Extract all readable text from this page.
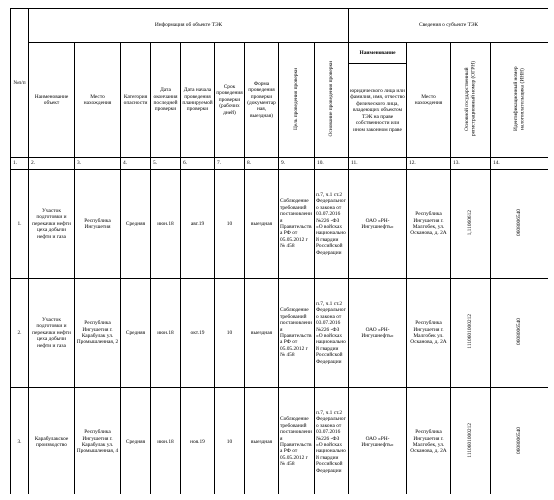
№п/п	Информация об объекте ТЭК									Сведения о субъекте ТЭК			
	Наименование объект	Место нахождения	Категория опасности	Дата окончания последней проверки	Дата начала проведения планируемой проверки	Срок проведения проверки (рабочих дней)	Форма проведения проверки (документарная, выездная)	Цель проведения проверки	Основание проведения проверки	Наименование	Место нахождения	Основной государственный регистрационный номер (ОГРН)	Идентификационный номер налогоплательщика (ИНН)
										юридического лица или фамилия, имя, отчество физического лица, владеющих объектом ТЭК на праве собственности или ином законном праве			
1.	2.	3.	4.	5.	6.	7.	8.	9.	10.	11.	12.	13.	14.
1.	Участок подготовки и перекачки нефти цеха добычи нефти и газа	Республика Ингушетия	Средняя	июн.18	авг.19	10	выездная	Соблюдение требований постановления Правительства РФ от 05.05.2012 г № 458	п.7, ч.1 ст.2 Федерального закона от 03.07.2016 №226 -ФЗ «О войсках национальной гвардии Российской Федерации	ОАО «РН-Ингушнефть»	Республика Ингушетия г. Малгобек, ул. Осканова, д. 2А	1,11060612	0608006540
2.	Участок подготовки и перекачки нефти цеха добычи нефти и газа	Республика Ингушетия г. Карабулак ул. Промышленная, 2	Средняя	июн.18	окт.19	10	выездная	Соблюдение требований постановления Правительства РФ от 05.05.2012 г № 458	п.7, ч.1 ст.2 Федерального закона от 03.07.2016 №226 -ФЗ «О войсках национальной гвардии Российской Федерации	ОАО «РН-Ингушнефть»	Республика Ингушетия г. Малгобек ул. Осканова, д. 2А	1110601000212	0608006540
3.	Карабулакское производство	Республика Ингушетия г. Карабулак ул. Промышленная, 4	Средняя	июн.18	ноя.19	10	выездная	Соблюдение требований постановления Правительства РФ от 05.05.2012 г № 458	п.7, ч.1 ст.2 Федерального закона от 03.07.2016 №226 -ФЗ «О войсках национальной гвардии Российской Федерации	ОАО «РН-Ингушнефть»	Республика Ингушетия г. Малгобек, ул. Осканова, д. 2А	1110601000212	0608006540
